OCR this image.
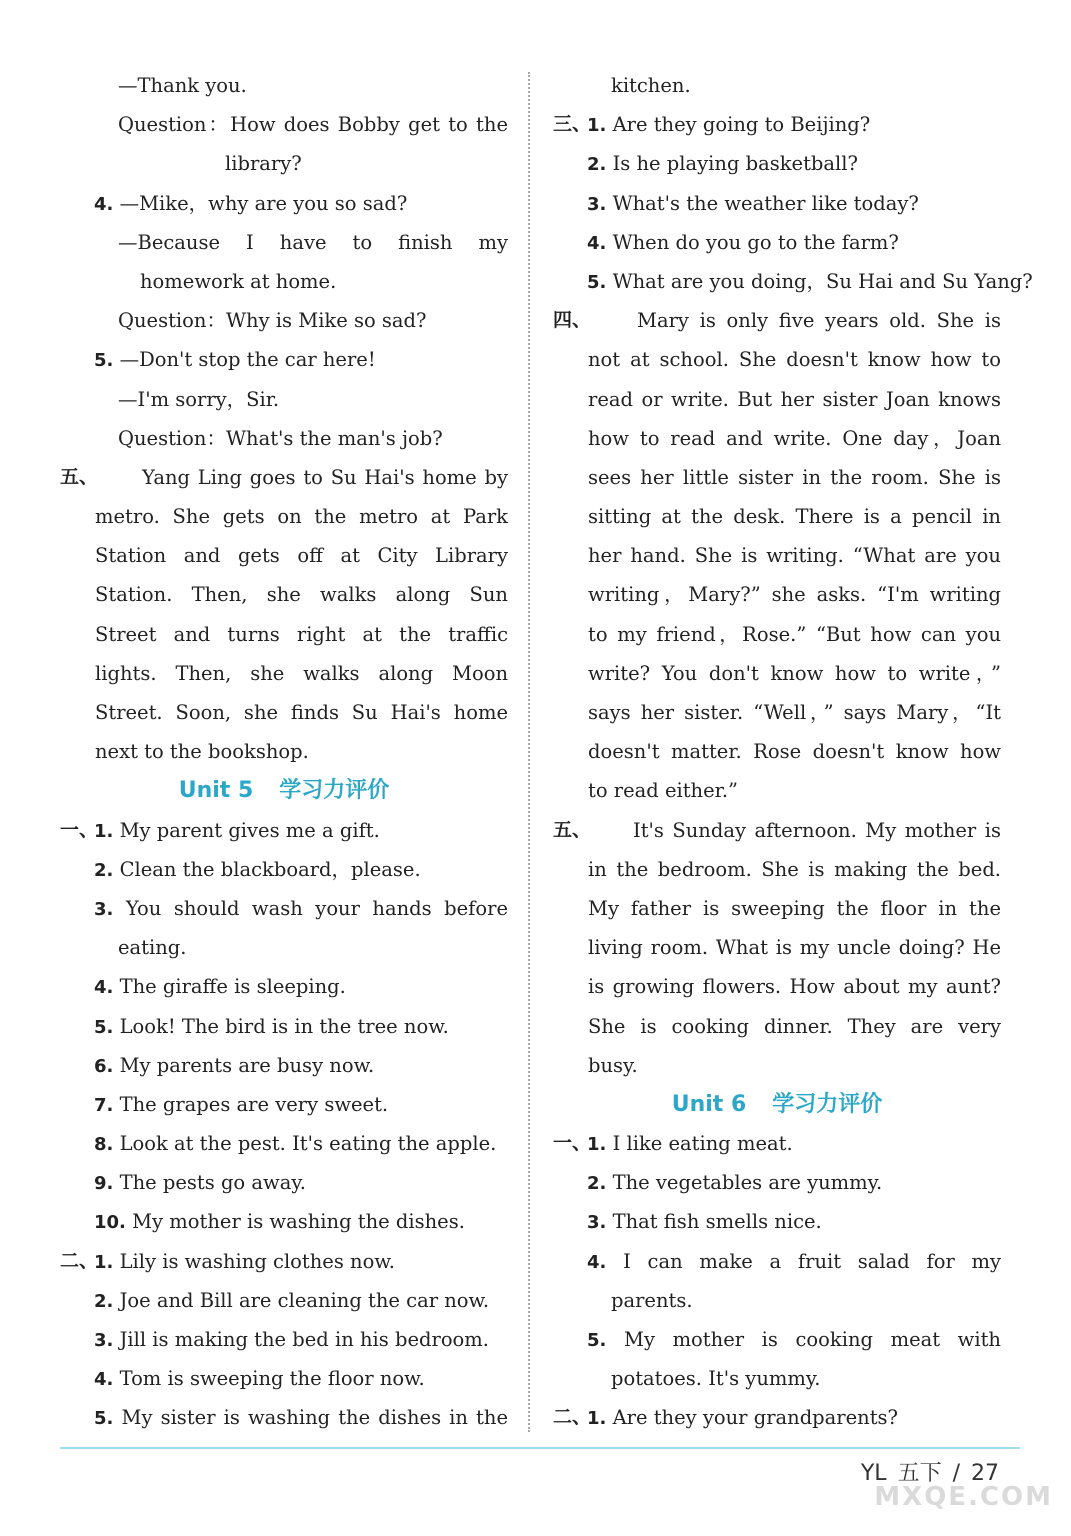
—Thank you.
Question：How does Bobby get to the
library?
4. —Mike，why are you so sad?
—Because I have to finish my
homework at home.
Question：Why is Mike so sad?
5. —Don't stop the car here!
—I'm sorry，Sir.
Question：What's the man's job?
五、	Yang Ling goes to Su Hai's home by
metro. She gets on the metro at Park
Station and gets off at City Library
Station. Then, she walks along Sun
Street and turns right at the traffic
lights. Then, she walks along Moon
Street. Soon, she finds Su Hai's home
next to the bookshop.
Unit 5 学习力评价
一、
1. My parent gives me a gift.
2. Clean the blackboard，please.
3. You should wash your hands before
eating.
4. The giraffe is sleeping.
5. Look! The bird is in the tree now.
6. My parents are busy now.
7. The grapes are very sweet.
8. Look at the pest. It's eating the apple.
9. The pests go away.
10. My mother is washing the dishes.
二、
1. Lily is washing clothes now.
2. Joe and Bill are cleaning the car now.
3. Jill is making the bed in his bedroom.
4. Tom is sweeping the floor now.
5. My sister is washing the dishes in the
kitchen.
三、
1. Are they going to Beijing?
2. Is he playing basketball?
3. What's the weather like today?
4. When do you go to the farm?
5. What are you doing，Su Hai and Su Yang?
四、	Mary is only five years old. She is
not at school. She doesn't know how to
read or write. But her sister Joan knows
how to read and write. One day，Joan
sees her little sister in the room. She is
sitting at the desk. There is a pencil in
her hand. She is writing. “What are you
writing，Mary?” she asks. “I'm writing
to my friend，Rose.” “But how can you
write? You don't know how to write，”
says her sister. “Well，” says Mary，“It
doesn't matter. Rose doesn't know how
to read either.”
五、	It's Sunday afternoon. My mother is
in the bedroom. She is making the bed.
My father is sweeping the floor in the
living room. What is my uncle doing? He
is growing flowers. How about my aunt?
She is cooking dinner. They are very
busy.
Unit 6 学习力评价
一、
1. I like eating meat.
2. The vegetables are yummy.
3. That fish smells nice.
4. I can make a fruit salad for my
parents.
5. My mother is cooking meat with
potatoes. It's yummy.
二、
1. Are they your grandparents?
YL 五下 / 27
MXQE.COM
